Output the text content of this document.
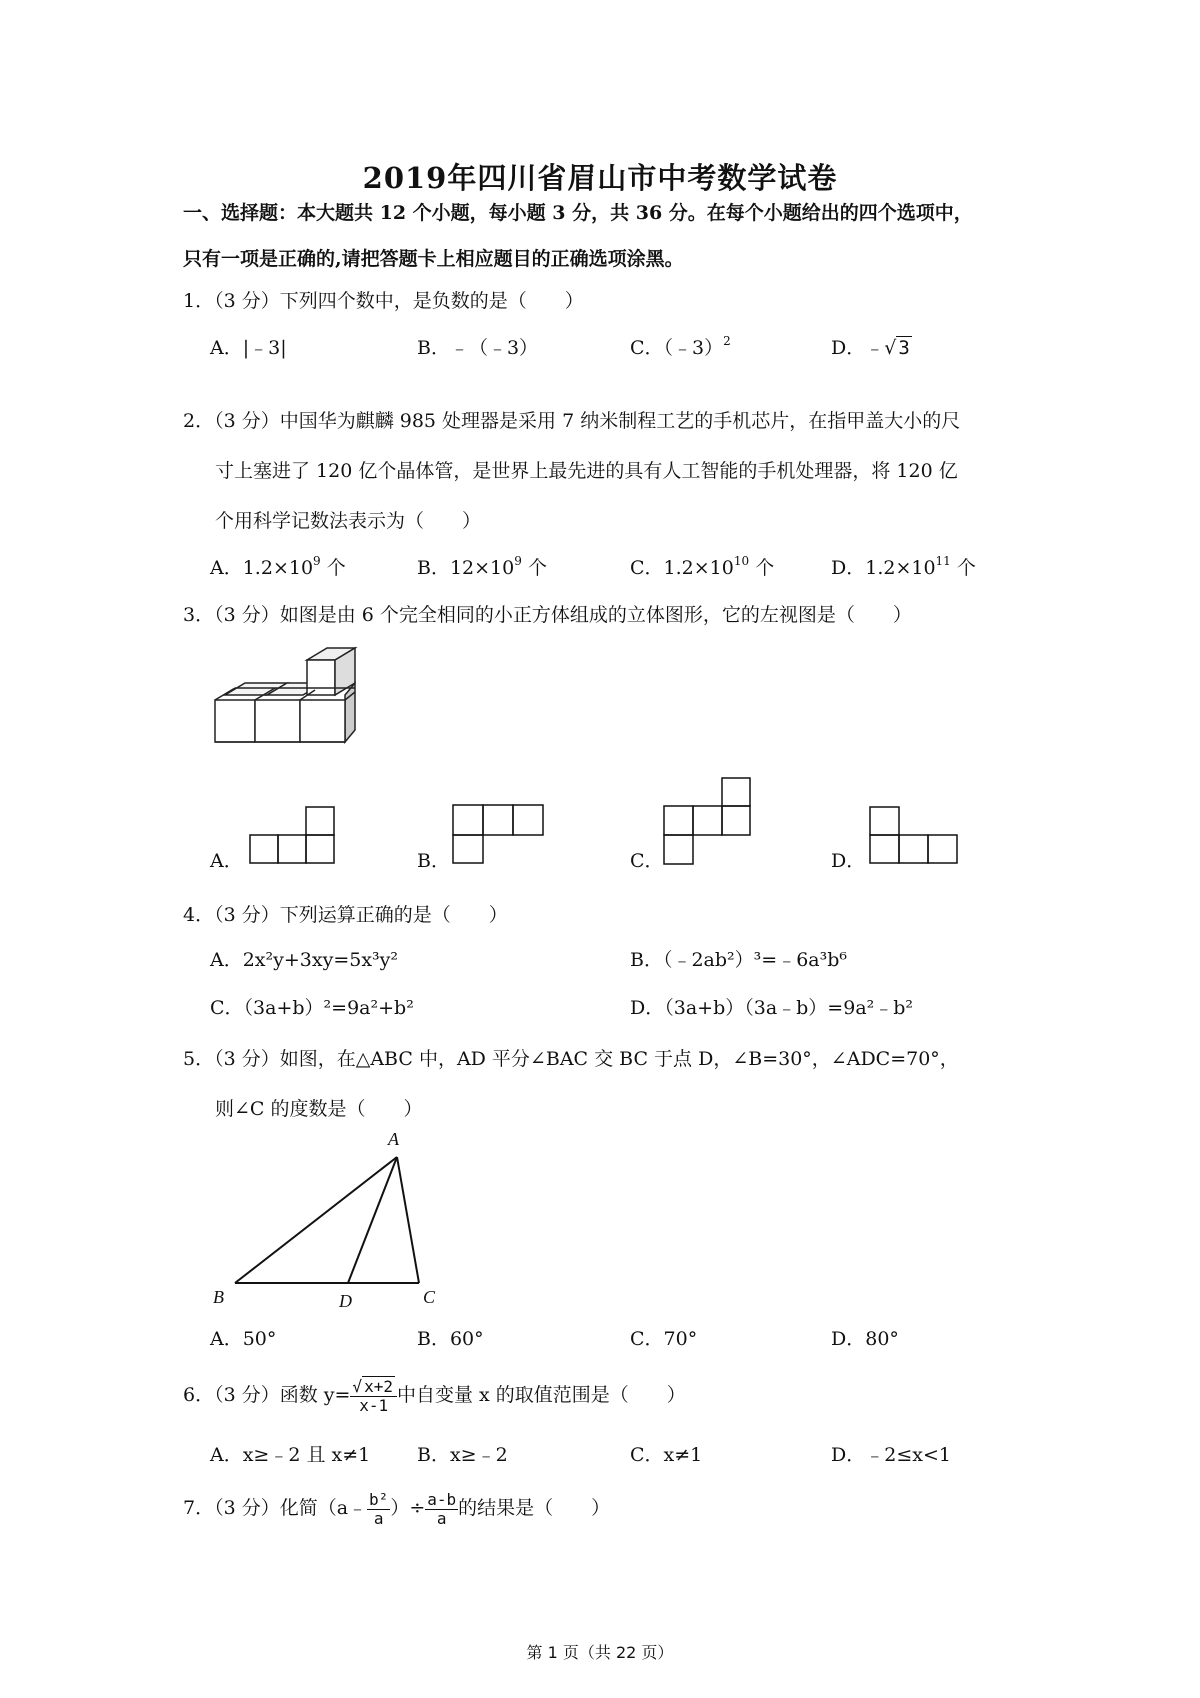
2019年四川省眉山市中考数学试卷
一、选择题：本大题共 12 个小题，每小题 3 分，共 36 分。在每个小题给出的四个选项中，
只有一项是正确的,请把答题卡上相应题目的正确选项涂黑。
1．（3 分）下列四个数中，是负数的是（　　）
A．|﹣3|	B．﹣（﹣3）	C．（﹣3）$^2$	D．﹣√ 3
2．（3 分）中国华为麒麟 985 处理器是采用 7 纳米制程工艺的手机芯片，在指甲盖大小的尺
寸上塞进了 120 亿个晶体管，是世界上最先进的具有人工智能的手机处理器，将 120 亿
个用科学记数法表示为（　　）
A．$1.2\times 10^9$ 个	B．$12\times 10^9$ 个	C．$1.2\times 10^{10}$ 个	D．$1.2\times 10^{11}$ 个
3．（3 分）如图是由 6 个完全相同的小正方体组成的立体图形，它的左视图是（　　）
A．	B．	C．	D．
4．（3 分）下列运算正确的是（　　）
A．2x²y+3xy=5x³y²	B．（﹣2ab²）³=﹣6a³b⁶
C．（3a+b）²=9a²+b²	D．（3a+b）（3a﹣b）=9a²﹣b²
5．（3 分）如图，在△ABC 中，AD 平分∠BAC 交 BC 于点 D，∠B=30°，∠ADC=70°，
则∠C 的度数是（　　）
A
B	C
D
A．50°	B．60°	C．70°	D．80°
6．（3 分）函数 $y= \frac{√ x+2}{x-1}$ 中自变量 x 的取值范围是（　　）
A．x≥﹣2 且 x≠1 B．x≥﹣2	C．x≠1	D．﹣2≤x<1
7．（3 分）化简（a﹣ $\frac{\text{b²}}{a}$ ）÷ $\frac{a-b}{a}$ 的结果是（　　）
第 1 页（共 22 页）
